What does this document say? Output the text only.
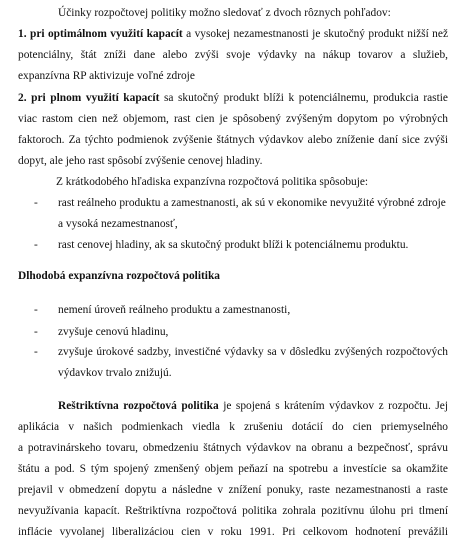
Účinky rozpočtovej politiky možno sledovať z dvoch rôznych pohľadov:
1. pri optimálnom využití kapacít a vysokej nezamestnanosti je skutočný produkt nižší než
potenciálny, štát zníži dane alebo zvýši svoje výdavky na nákup tovarov a služieb,
expanzívna RP aktivizuje voľné zdroje
2. pri plnom využití kapacít sa skutočný produkt blíži k potenciálnemu, produkcia rastie
viac rastom cien než objemom, rast cien je spôsobený zvýšeným dopytom po výrobných
faktoroch. Za týchto podmienok zvýšenie štátnych výdavkov alebo zníženie daní sice zvýši
dopyt, ale jeho rast spôsobí zvýšenie cenovej hladiny.
Z krátkodobého hľadiska expanzívna rozpočtová politika spôsobuje:
- rast reálneho produktu a zamestnanosti, ak sú v ekonomike nevyužité výrobné zdroje
a vysoká nezamestnanosť,
- rast cenovej hladiny, ak sa skutočný produkt blíži k potenciálnemu produktu.
Dlhodobá expanzívna rozpočtová politika
- nemení úroveň reálneho produktu a zamestnanosti,
- zvyšuje cenovú hladinu,
- zvyšuje úrokové sadzby, investičné výdavky sa v dôsledku zvýšených rozpočtových
výdavkov trvalo znižujú.
Reštriktívna rozpočtová politika je spojená s krátením výdavkov z rozpočtu. Jej
aplikácia v našich podmienkach viedla k zrušeniu dotácií do cien priemyselného
a potravinárskeho tovaru, obmedzeniu štátnych výdavkov na obranu a bezpečnosť, správu
štátu a pod. S tým spojený zmenšený objem peňazí na spotrebu a investície sa okamžite
prejavil v obmedzení dopytu a následne v znížení ponuky, raste nezamestnanosti a raste
nevyužívania kapacít. Reštriktívna rozpočtová politika zohrala pozitívnu úlohu pri tlmení
inflácie vyvolanej liberalizáciou cien v roku 1991. Pri celkovom hodnotení prevážili
